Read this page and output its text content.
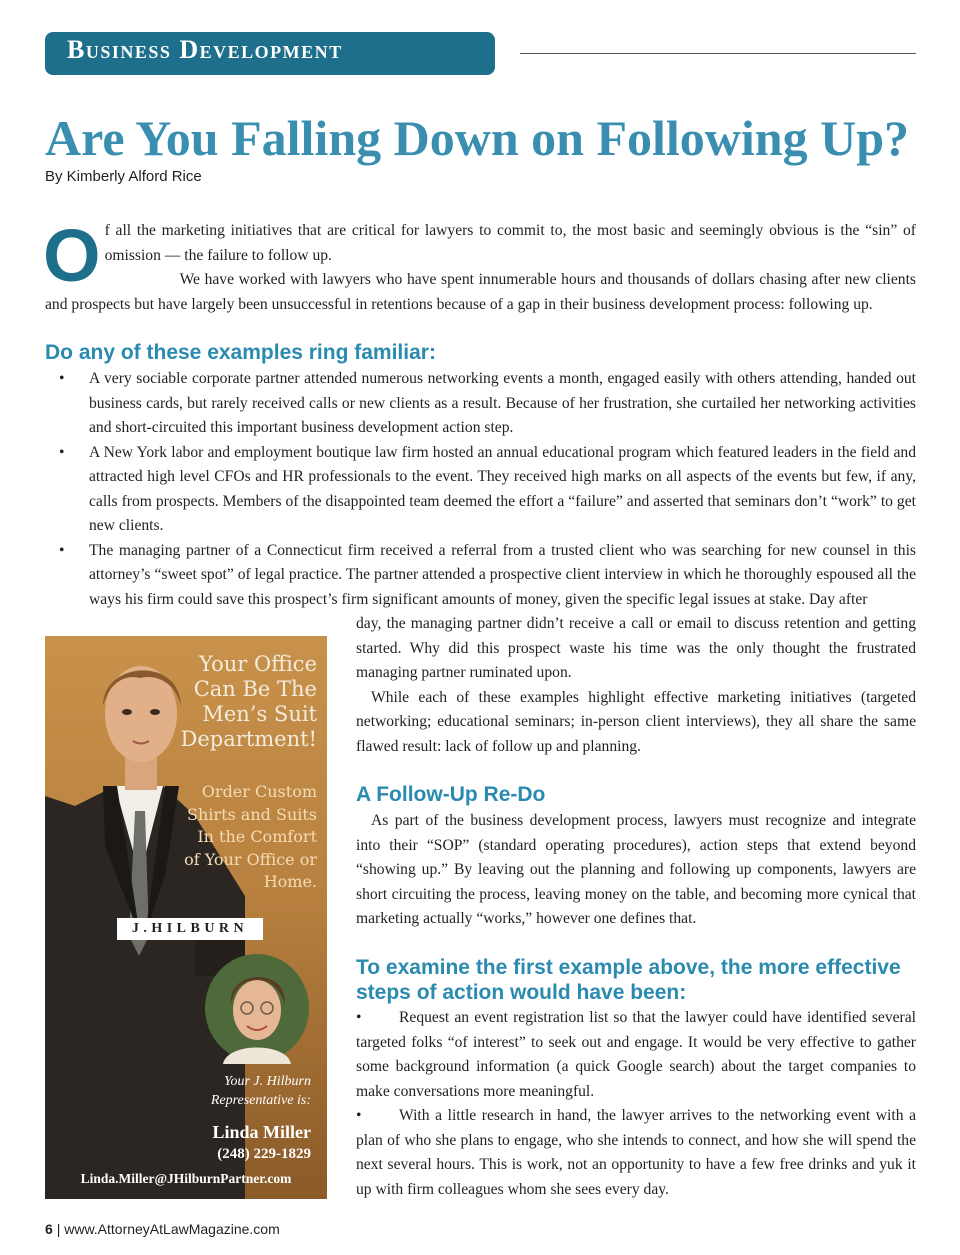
Business Development
Are You Falling Down on Following Up?
By Kimberly Alford Rice
O f all the marketing initiatives that are critical for lawyers to commit to, the most basic and seemingly obvious is the “sin” of omission — the failure to follow up.

We have worked with lawyers who have spent innumerable hours and thousands of dollars chasing after new clients and prospects but have largely been unsuccessful in retentions because of a gap in their business development process: following up.

Do any of these examples ring familiar:
• A very sociable corporate partner attended numerous networking events a month, engaged easily with others attending, handed out business cards, but rarely received calls or new clients as a result. Because of her frustration, she curtailed her networking activities and short-circuited this important business development action step.
• A New York labor and employment boutique law firm hosted an annual educational program which featured leaders in the field and attracted high level CFOs and HR professionals to the event. They received high marks on all aspects of the events but few, if any, calls from prospects. Members of the disappointed team deemed the effort a “failure” and asserted that seminars don’t “work” to get new clients.
• The managing partner of a Connecticut firm received a referral from a trusted client who was searching for new counsel in this attorney’s “sweet spot” of legal practice. The partner attended a prospective client interview in which he thoroughly espoused all the ways his firm could save this prospect’s firm significant amounts of money, given the specific legal issues at stake. Day after

day, the managing partner didn’t receive a call or email to discuss retention and getting started. Why did this prospect waste his time was the only thought the frustrated managing partner ruminated upon.

While each of these examples highlight effective marketing initiatives (targeted networking; educational seminars; in-person client interviews), they all share the same flawed result: lack of follow up and planning.

A Follow-Up Re-Do

As part of the business development process, lawyers must recognize and integrate into their “SOP” (standard operating procedures), action steps that extend beyond “showing up.” By leaving out the planning and following up components, lawyers are short circuiting the process, leaving money on the table, and becoming more cynical that marketing actually “works,” however one defines that.

To examine the first example above, the more effective steps of action would have been:
• Request an event registration list so that the lawyer could have identified several targeted folks “of interest” to seek out and engage. It would be very effective to gather some background information (a quick Google search) about the target companies to make conversations more meaningful.
• With a little research in hand, the lawyer arrives to the networking event with a plan of who she plans to engage, who she intends to connect, and how she will spend the next several hours. This is work, not an opportunity to have a few free drinks and yuk it up with firm colleagues whom she sees every day.
Your Office Can Be The Men’s Suit Department!
Order Custom Shirts and Suits In the Comfort of Your Office or Home.
J.HILBURN
Your J. Hilburn Representative is:
Linda Miller
(248) 229-1829
Linda.Miller@JHilburnPartner.com
6 | www.AttorneyAtLawMagazine.com
